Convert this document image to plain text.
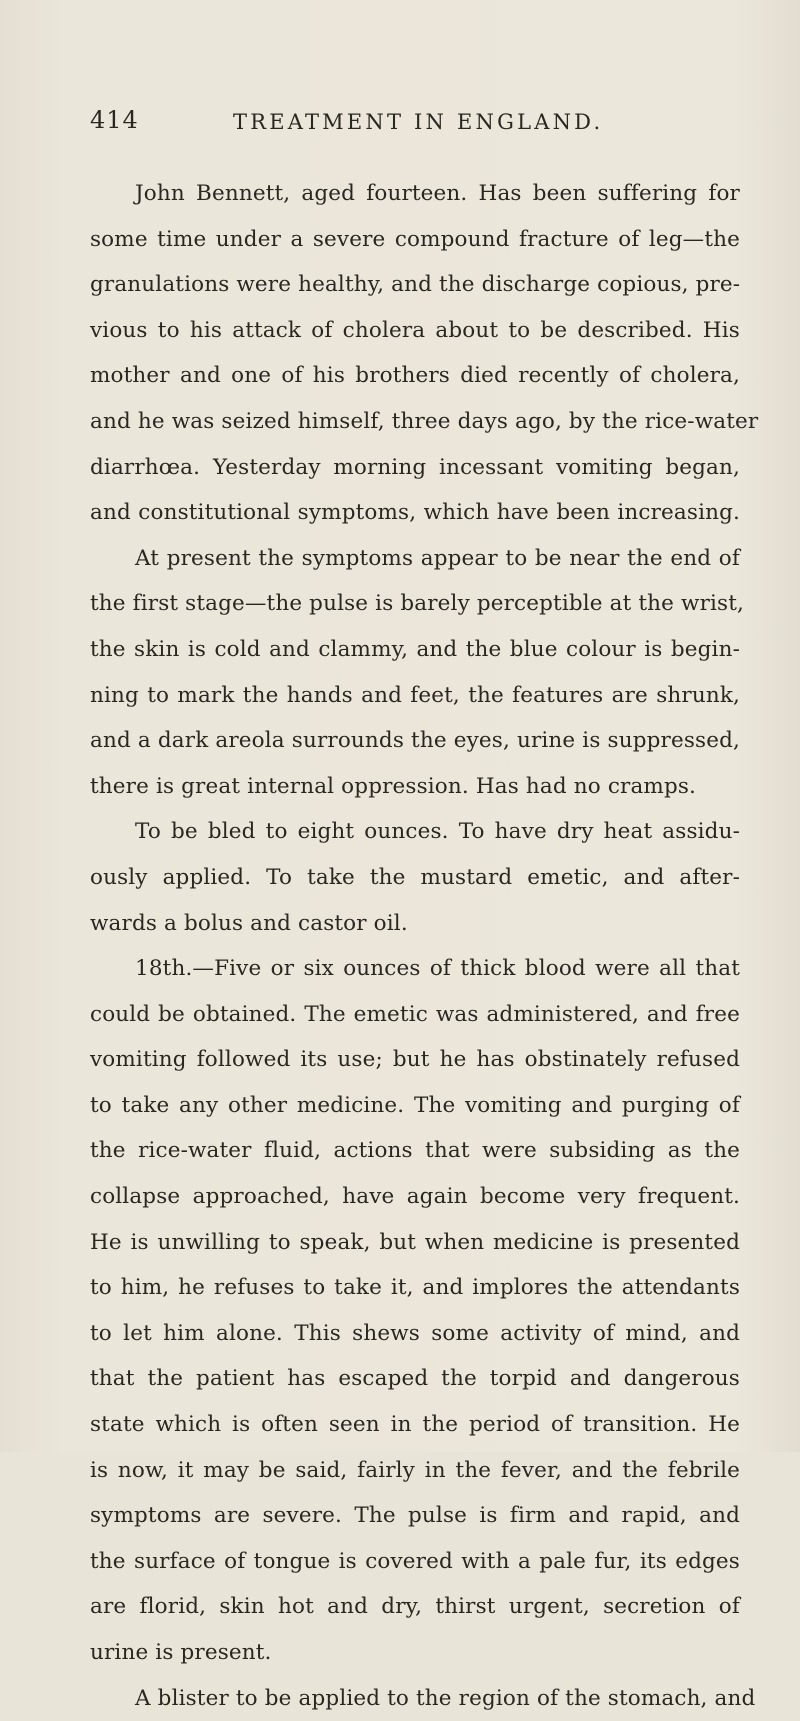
414	TREATMENT IN ENGLAND.
John Bennett, aged fourteen. Has been suffering for
some time under a severe compound fracture of leg—the
granulations were healthy, and the discharge copious, pre-
vious to his attack of cholera about to be described. His
mother and one of his brothers died recently of cholera,
and he was seized himself, three days ago, by the rice-water
diarrhœa. Yesterday morning incessant vomiting began,
and constitutional symptoms, which have been increasing.
At present the symptoms appear to be near the end of
the first stage—the pulse is barely perceptible at the wrist,
the skin is cold and clammy, and the blue colour is begin-
ning to mark the hands and feet, the features are shrunk,
and a dark areola surrounds the eyes, urine is suppressed,
there is great internal oppression. Has had no cramps.
To be bled to eight ounces. To have dry heat assidu-
ously applied. To take the mustard emetic, and after-
wards a bolus and castor oil.
18th.—Five or six ounces of thick blood were all that
could be obtained. The emetic was administered, and free
vomiting followed its use; but he has obstinately refused
to take any other medicine. The vomiting and purging of
the rice-water fluid, actions that were subsiding as the
collapse approached, have again become very frequent.
He is unwilling to speak, but when medicine is presented
to him, he refuses to take it, and implores the attendants
to let him alone. This shews some activity of mind, and
that the patient has escaped the torpid and dangerous
state which is often seen in the period of transition. He
is now, it may be said, fairly in the fever, and the febrile
symptoms are severe. The pulse is firm and rapid, and
the surface of tongue is covered with a pale fur, its edges
are florid, skin hot and dry, thirst urgent, secretion of
urine is present.
A blister to be applied to the region of the stomach, and
